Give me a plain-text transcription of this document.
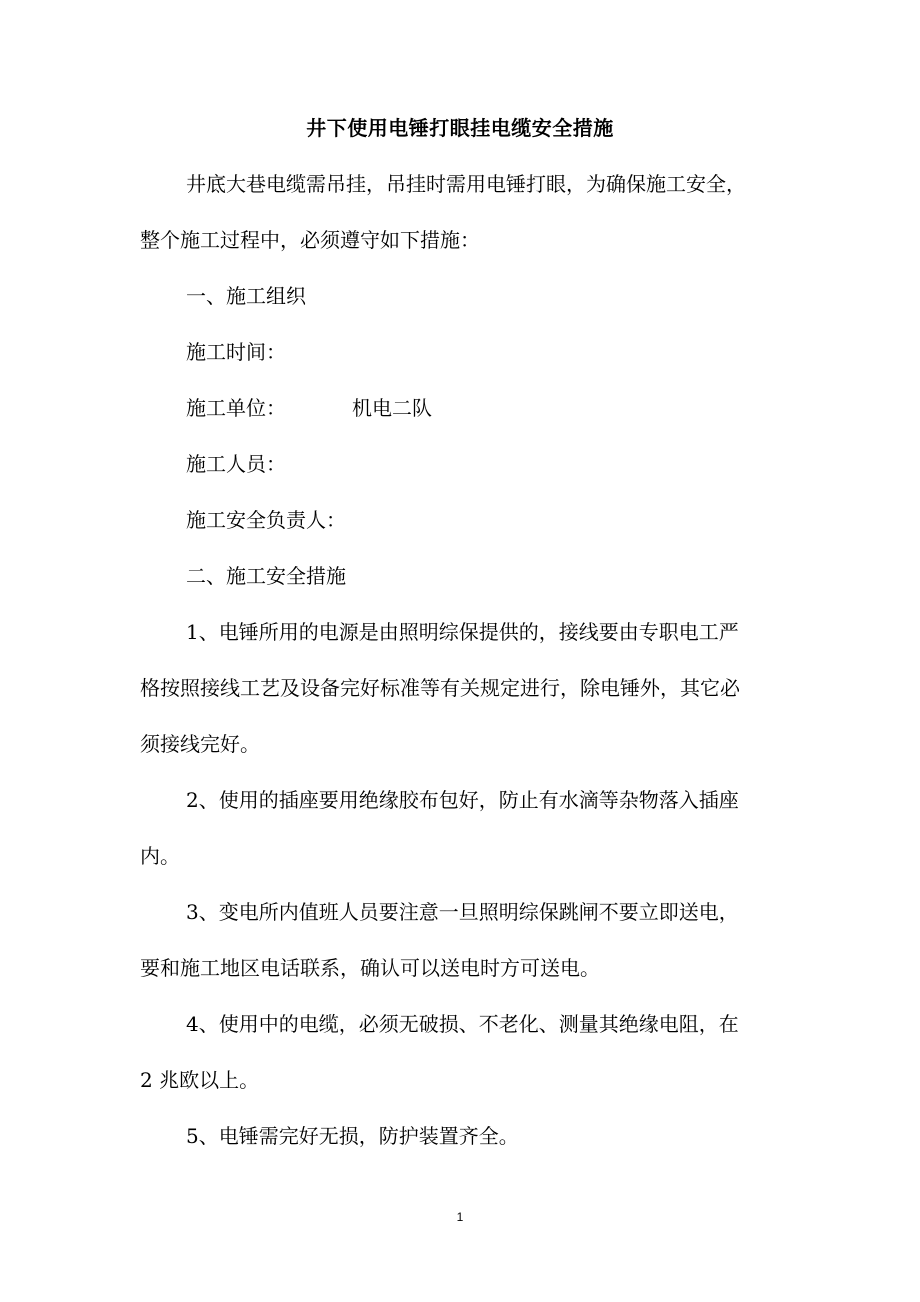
井下使用电锤打眼挂电缆安全措施
井底大巷电缆需吊挂，吊挂时需用电锤打眼，为确保施工安全，
整个施工过程中，必须遵守如下措施：
一、施工组织
施工时间：
施工单位：	机电二队
施工人员：
施工安全负责人：
二、施工安全措施
1、电锤所用的电源是由照明综保提供的，接线要由专职电工严
格按照接线工艺及设备完好标准等有关规定进行，除电锤外，其它必
须接线完好。
2、使用的插座要用绝缘胶布包好，防止有水滴等杂物落入插座
内。
3、变电所内值班人员要注意一旦照明综保跳闸不要立即送电，
要和施工地区电话联系，确认可以送电时方可送电。
4、使用中的电缆，必须无破损、不老化、测量其绝缘电阻，在
2 兆欧以上。
5、电锤需完好无损，防护装置齐全。
1
